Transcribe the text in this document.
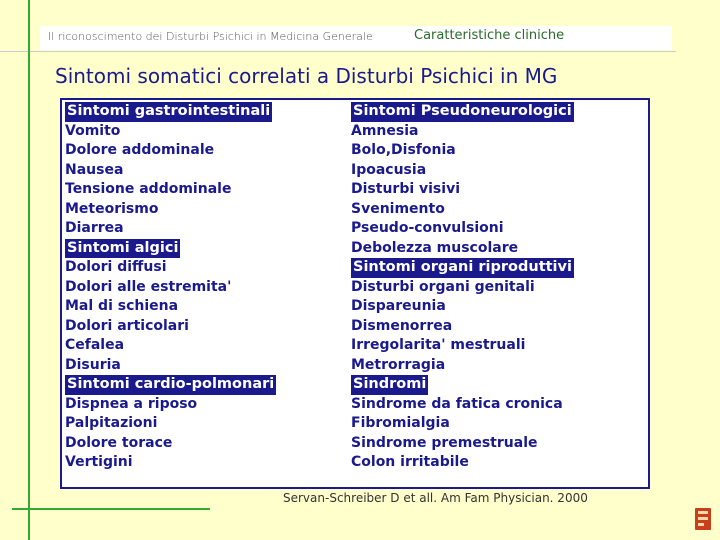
Il riconoscimento dei Disturbi Psichici in Medicina Generale	Caratteristiche cliniche
Sintomi somatici correlati a Disturbi Psichici in MG
Sintomi gastrointestinali
Vomito
Dolore addominale
Nausea
Tensione addominale
Meteorismo
Diarrea
Sintomi algici
Dolori diffusi
Dolori alle estremita'
Mal di schiena
Dolori articolari
Cefalea
Disuria
Sintomi cardio-polmonari
Dispnea a riposo
Palpitazioni
Dolore torace
Vertigini
Sintomi Pseudoneurologici
Amnesia
Bolo,Disfonia
Ipoacusia
Disturbi visivi
Svenimento
Pseudo-convulsioni
Debolezza muscolare
Sintomi organi riproduttivi
Disturbi organi genitali
Dispareunia
Dismenorrea
Irregolarita' mestruali
Metrorragia
Sindromi
Sindrome da fatica cronica
Fibromialgia
Sindrome premestruale
Colon irritabile
Servan-Schreiber D et all. Am Fam Physician. 2000
